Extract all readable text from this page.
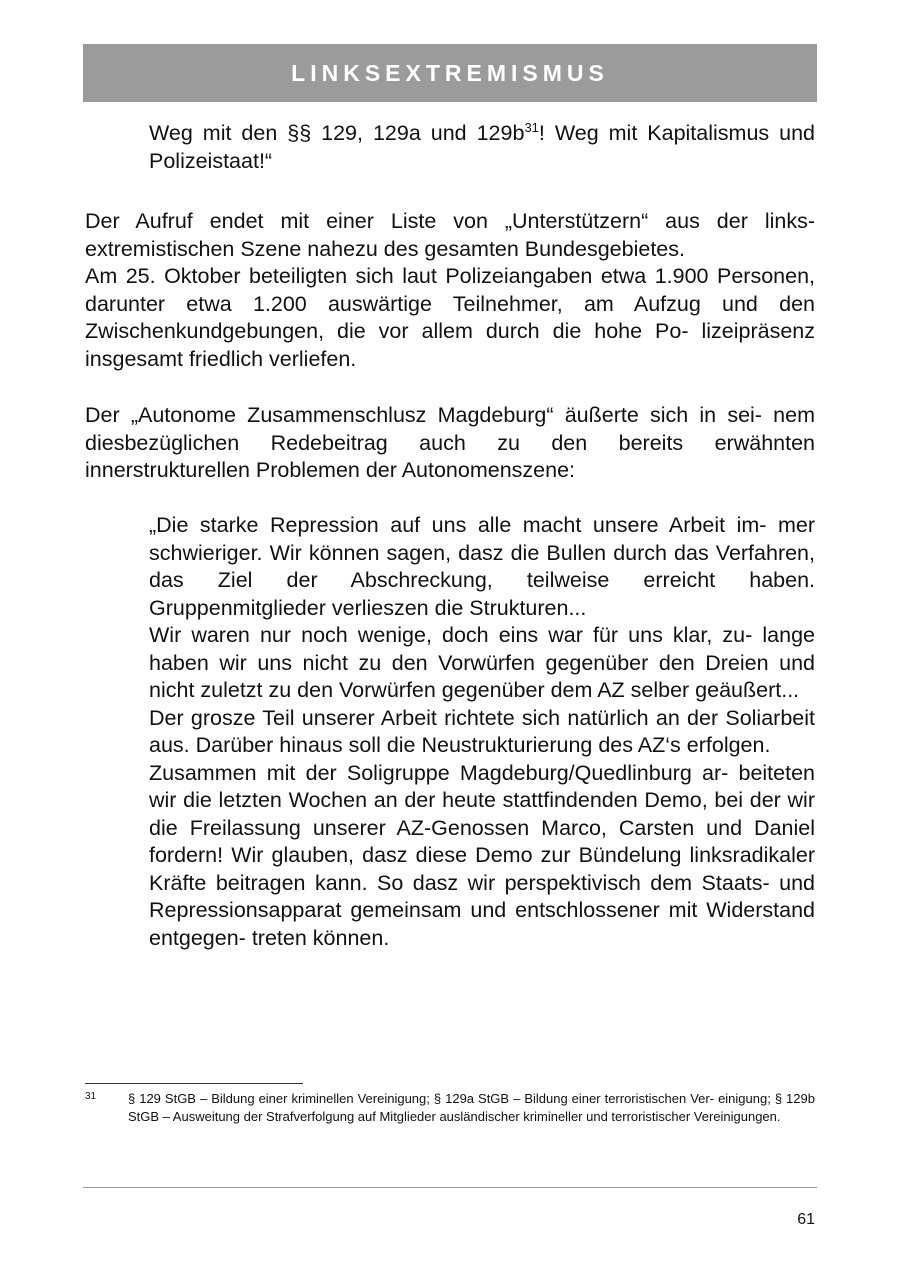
LINKSEXTREMISMUS

Weg mit den §§ 129, 129a und $129b^{31}$! Weg mit Kapitalismus und Polizeistaat!“

Der Aufruf endet mit einer Liste von „Unterstützern“ aus der links- extremistischen Szene nahezu des gesamten Bundesgebietes.

Am 25. Oktober beteiligten sich laut Polizeiangaben etwa 1.900 Personen, darunter etwa 1.200 auswärtige Teilnehmer, am Aufzug und den Zwischenkundgebungen, die vor allem durch die hohe Po- lizeipräsenz insgesamt friedlich verliefen.

Der „Autonome Zusammenschlusz Magdeburg“ äußerte sich in sei- nem diesbezüglichen Redebeitrag auch zu den bereits erwähnten innerstrukturellen Problemen der Autonomenszene:

„Die starke Repression auf uns alle macht unsere Arbeit im- mer schwieriger. Wir können sagen, dasz die Bullen durch das Verfahren, das Ziel der Abschreckung, teilweise erreicht haben. Gruppenmitglieder verlieszen die Strukturen...

Wir waren nur noch wenige, doch eins war für uns klar, zu- lange haben wir uns nicht zu den Vorwürfen gegenüber den Dreien und nicht zuletzt zu den Vorwürfen gegenüber dem AZ selber geäußert...

Der grosze Teil unserer Arbeit richtete sich natürlich an der Soliarbeit aus. Darüber hinaus soll die Neustrukturierung des AZ‘s erfolgen.

Zusammen mit der Soligruppe Magdeburg/Quedlinburg ar- beiteten wir die letzten Wochen an der heute stattfindenden Demo, bei der wir die Freilassung unserer AZ-Genossen Marco, Carsten und Daniel fordern! Wir glauben, dasz diese Demo zur Bündelung linksradikaler Kräfte beitragen kann. So dasz wir perspektivisch dem Staats- und Repressionsapparat gemeinsam und entschlossener mit Widerstand entgegen- treten können.

31 § 129 StGB – Bildung einer kriminellen Vereinigung; § 129a StGB – Bildung einer terroristischen Ver- einigung; § 129b StGB – Ausweitung der Strafverfolgung auf Mitglieder ausländischer krimineller und terroristischer Vereinigungen.
61
